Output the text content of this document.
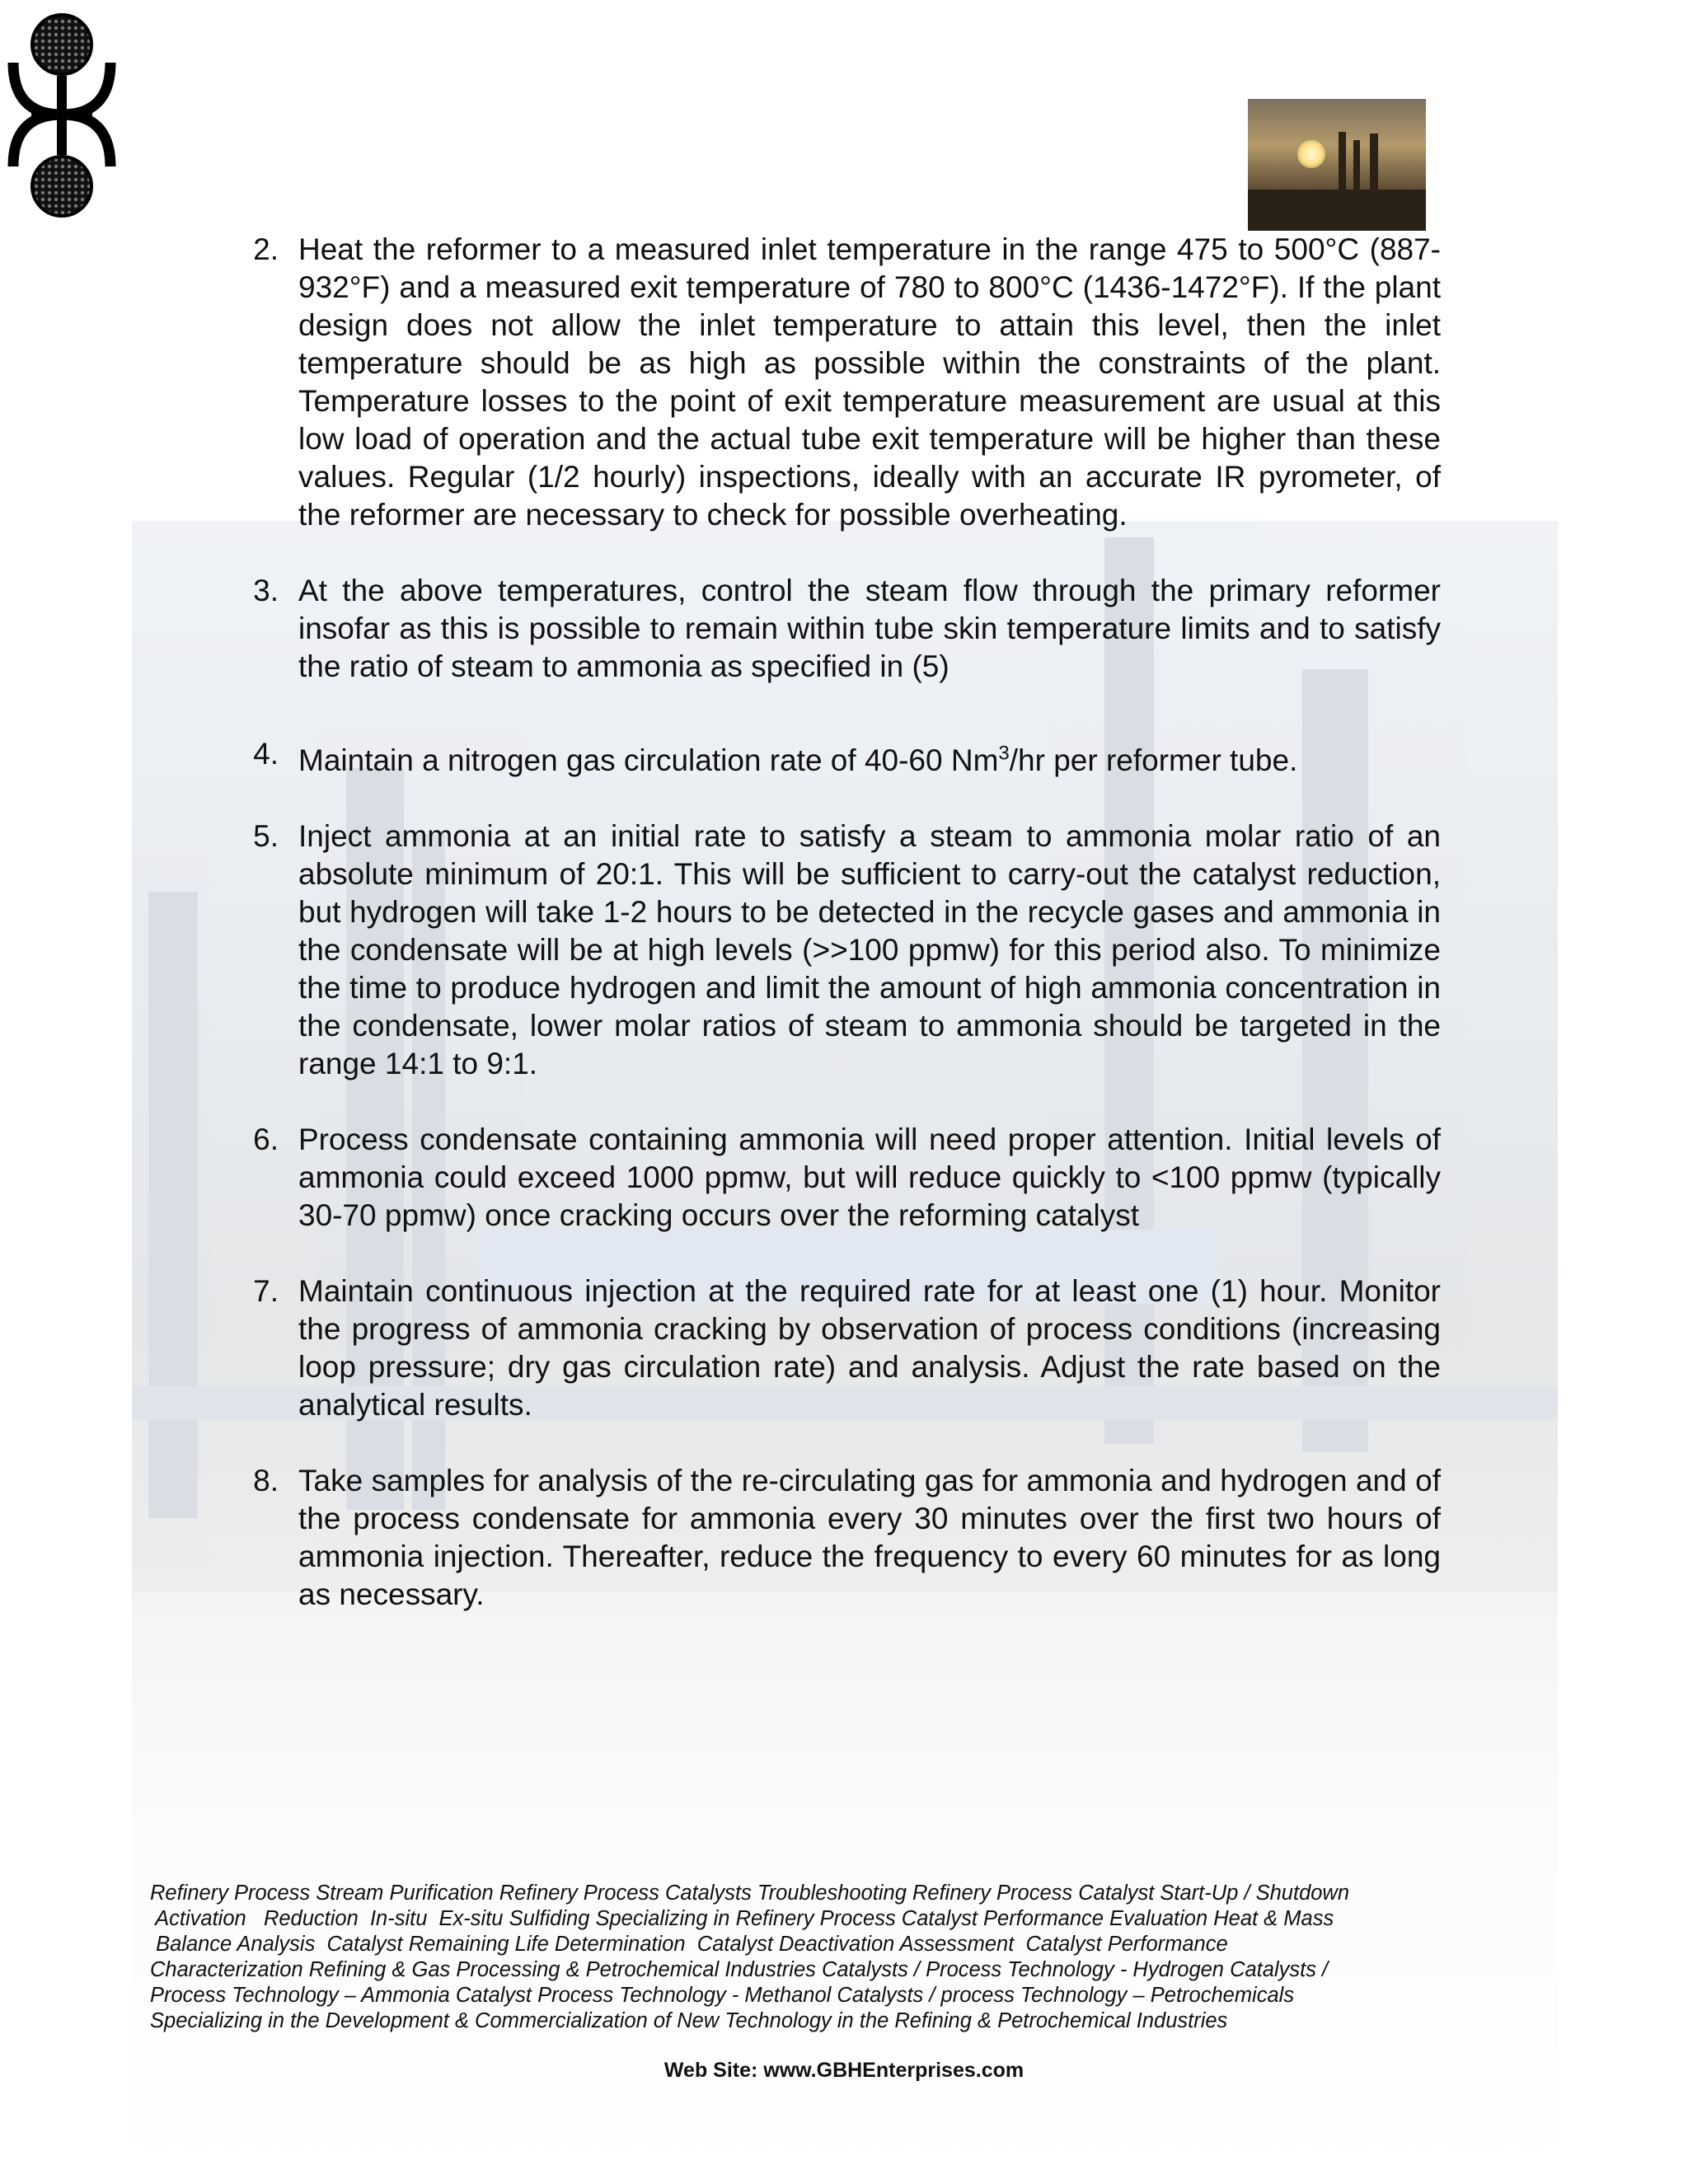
2. Heat the reformer to a measured inlet temperature in the range 475 to 500°C (887-932°F) and a measured exit temperature of 780 to 800°C (1436-1472°F). If the plant design does not allow the inlet temperature to attain this level, then the inlet temperature should be as high as possible within the constraints of the plant. Temperature losses to the point of exit temperature measurement are usual at this low load of operation and the actual tube exit temperature will be higher than these values. Regular (1/2 hourly) inspections, ideally with an accurate IR pyrometer, of the reformer are necessary to check for possible overheating.
3. At the above temperatures, control the steam flow through the primary reformer insofar as this is possible to remain within tube skin temperature limits and to satisfy the ratio of steam to ammonia as specified in (5)
4. Maintain a nitrogen gas circulation rate of 40-60 Nm$^3$/hr per reformer tube.
5. Inject ammonia at an initial rate to satisfy a steam to ammonia molar ratio of an absolute minimum of 20:1. This will be sufficient to carry-out the catalyst reduction, but hydrogen will take 1-2 hours to be detected in the recycle gases and ammonia in the condensate will be at high levels (>>100 ppmw) for this period also. To minimize the time to produce hydrogen and limit the amount of high ammonia concentration in the condensate, lower molar ratios of steam to ammonia should be targeted in the range 14:1 to 9:1.
6. Process condensate containing ammonia will need proper attention. Initial levels of ammonia could exceed 1000 ppmw, but will reduce quickly to <100 ppmw (typically 30-70 ppmw) once cracking occurs over the reforming catalyst
7. Maintain continuous injection at the required rate for at least one (1) hour. Monitor the progress of ammonia cracking by observation of process conditions (increasing loop pressure; dry gas circulation rate) and analysis. Adjust the rate based on the analytical results.
8. Take samples for analysis of the re-circulating gas for ammonia and hydrogen and of the process condensate for ammonia every 30 minutes over the first two hours of ammonia injection. Thereafter, reduce the frequency to every 60 minutes for as long as necessary.
Refinery Process Stream Purification Refinery Process Catalysts Troubleshooting Refinery Process Catalyst Start-Up / Shutdown
Activation   Reduction  In-situ  Ex-situ Sulfiding Specializing in Refinery Process Catalyst Performance Evaluation Heat & Mass
Balance Analysis  Catalyst Remaining Life Determination  Catalyst Deactivation Assessment  Catalyst Performance
Characterization Refining & Gas Processing & Petrochemical Industries Catalysts / Process Technology - Hydrogen Catalysts /
Process Technology – Ammonia Catalyst Process Technology - Methanol Catalysts / process Technology – Petrochemicals
Specializing in the Development & Commercialization of New Technology in the Refining & Petrochemical Industries
Web Site: www.GBHEnterprises.com
